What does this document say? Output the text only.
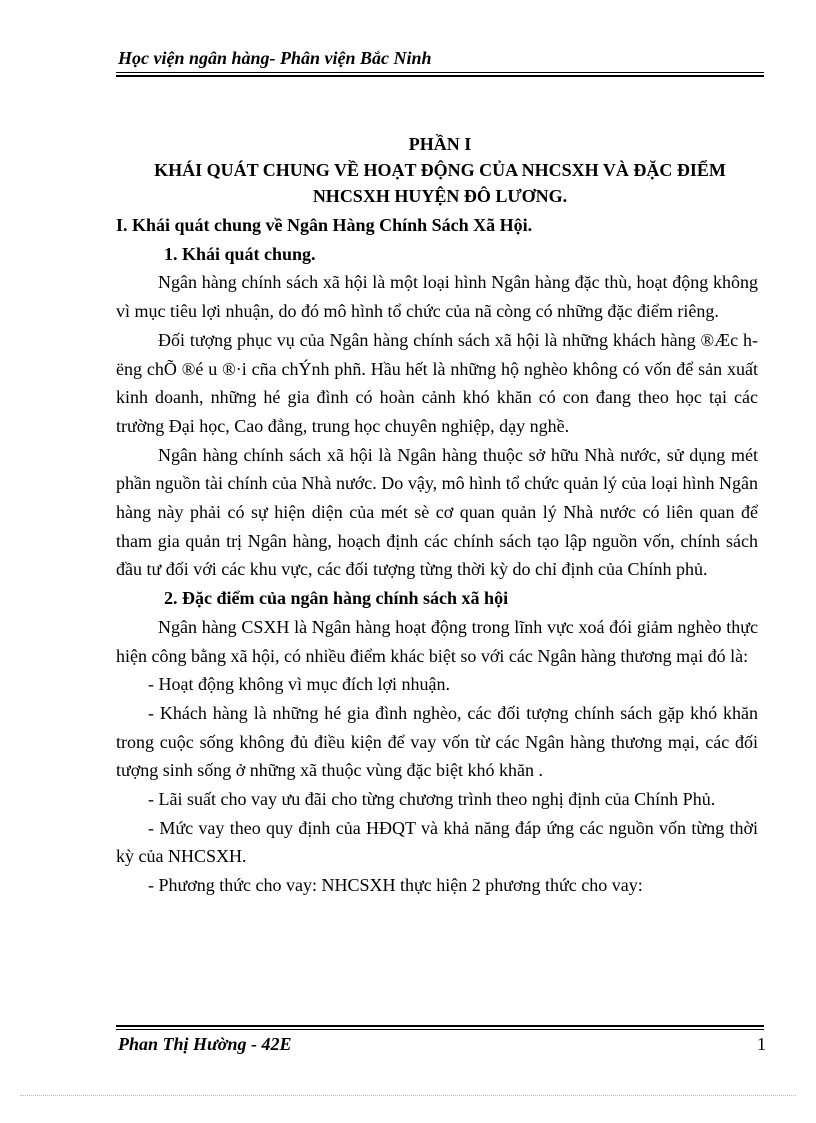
Học viện ngân hàng- Phân viện Bắc Ninh
PHẦN I
KHÁI QUÁT CHUNG VỀ HOẠT ĐỘNG CỦA NHCSXH VÀ ĐẶC ĐIỂM
NHCSXH HUYỆN ĐÔ LƯƠNG.

I. Khái quát chung về Ngân Hàng Chính Sách Xã Hội.

1. Khái quát chung.

Ngân hàng chính sách xã hội là một loại hình Ngân hàng đặc thù, hoạt động không vì mục tiêu lợi nhuận, do đó mô hình tổ chức của nã còng có những đặc điểm riêng.

Đối tượng phục vụ của Ngân hàng chính sách xã hội là những khách hàng ®Æc hëng chÕ ®é u ®·i cña chÝnh phñ. Hầu hết là những hộ nghèo không có vốn để sản xuất kinh doanh, những hé gia đình có hoàn cảnh khó khăn có con đang theo học tại các trường Đại học, Cao đẳng, trung học chuyên nghiệp, dạy nghề.

Ngân hàng chính sách xã hội là Ngân hàng thuộc sở hữu Nhà nước, sử dụng mét phần nguồn tài chính của Nhà nước. Do vậy, mô hình tổ chức quản lý của loại hình Ngân hàng này phải có sự hiện diện của mét sè cơ quan quản lý Nhà nước có liên quan để tham gia quản trị Ngân hàng, hoạch định các chính sách tạo lập nguồn vốn, chính sách đầu tư đối với các khu vực, các đối tượng từng thời kỳ do chỉ định của Chính phủ.

2. Đặc điểm của ngân hàng chính sách xã hội

Ngân hàng CSXH là Ngân hàng hoạt động trong lĩnh vực xoá đói giảm nghèo thực hiện công bằng xã hội, có nhiều điểm khác biệt so với các Ngân hàng thương mại đó là:

- Hoạt động không vì mục đích lợi nhuận.

- Khách hàng là những hé gia đình nghèo, các đối tượng chính sách gặp khó khăn trong cuộc sống không đủ điều kiện để vay vốn từ các Ngân hàng thương mại, các đối tượng sinh sống ở những xã thuộc vùng đặc biệt khó khăn .

- Lãi suất cho vay ưu đãi cho từng chương trình theo nghị định của Chính Phủ.

- Mức vay theo quy định của HĐQT và khả năng đáp ứng các nguồn vốn từng thời kỳ của NHCSXH.

- Phương thức cho vay: NHCSXH thực hiện 2 phương thức cho vay:

Phan Thị Hường - 42E	1
